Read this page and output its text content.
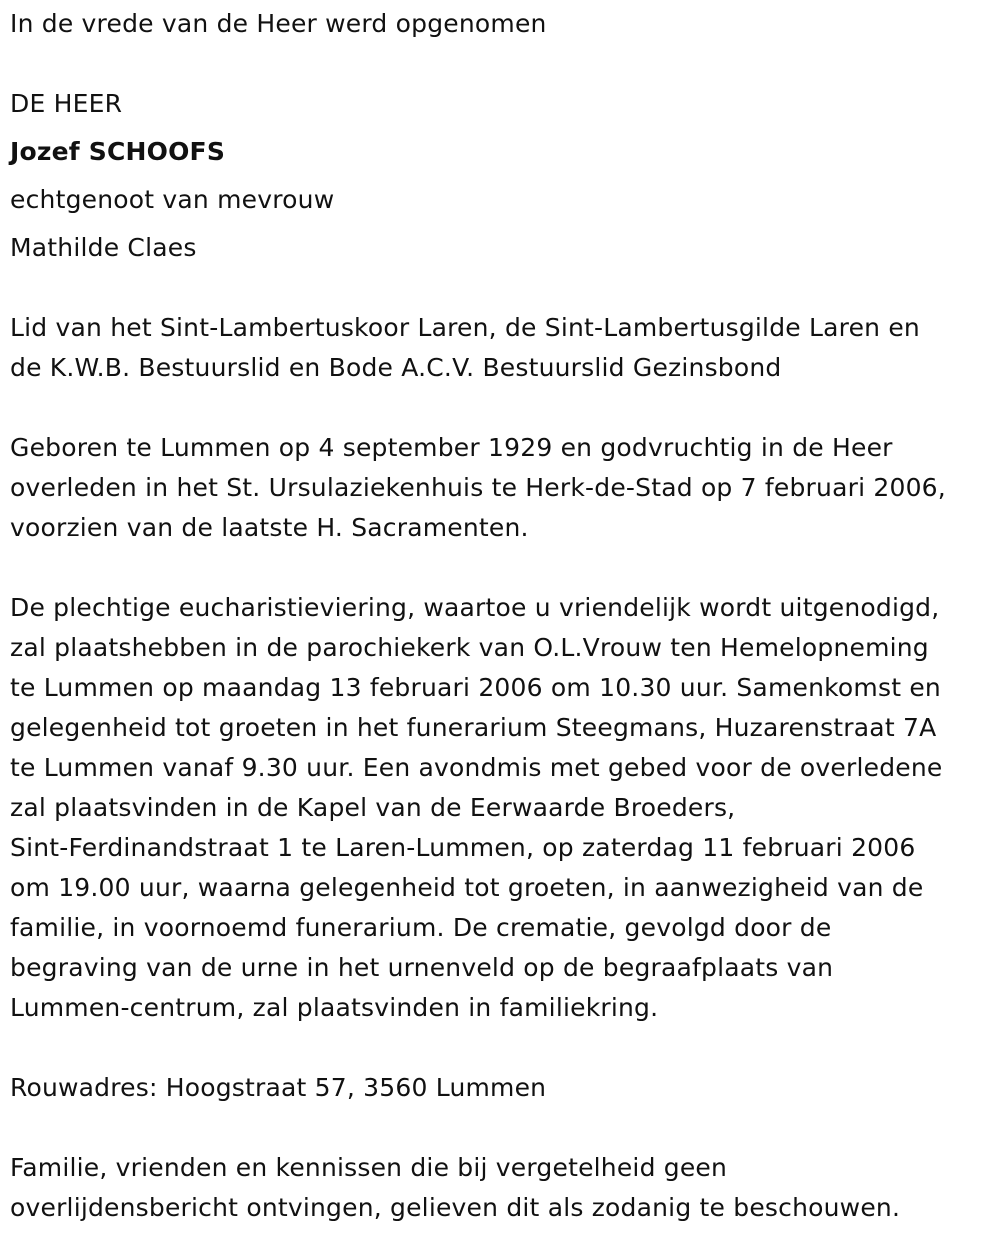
In de vrede van de Heer werd opgenomen
DE HEER
Jozef SCHOOFS
echtgenoot van mevrouw
Mathilde Claes
Lid van het Sint-Lambertuskoor Laren, de Sint-Lambertusgilde Laren en
de K.W.B. Bestuurslid en Bode A.C.V. Bestuurslid Gezinsbond
Geboren te Lummen op 4 september 1929 en godvruchtig in de Heer
overleden in het St. Ursulaziekenhuis te Herk-de-Stad op 7 februari 2006,
voorzien van de laatste H. Sacramenten.
De plechtige eucharistieviering, waartoe u vriendelijk wordt uitgenodigd,
zal plaatshebben in de parochiekerk van O.L.Vrouw ten Hemelopneming
te Lummen op maandag 13 februari 2006 om 10.30 uur. Samenkomst en
gelegenheid tot groeten in het funerarium Steegmans, Huzarenstraat 7A
te Lummen vanaf 9.30 uur. Een avondmis met gebed voor de overledene
zal plaatsvinden in de Kapel van de Eerwaarde Broeders,
Sint-Ferdinandstraat 1 te Laren-Lummen, op zaterdag 11 februari 2006
om 19.00 uur, waarna gelegenheid tot groeten, in aanwezigheid van de
familie, in voornoemd funerarium. De crematie, gevolgd door de
begraving van de urne in het urnenveld op de begraafplaats van
Lummen-centrum, zal plaatsvinden in familiekring.
Rouwadres: Hoogstraat 57, 3560 Lummen
Familie, vrienden en kennissen die bij vergetelheid geen
overlijdensbericht ontvingen, gelieven dit als zodanig te beschouwen.
